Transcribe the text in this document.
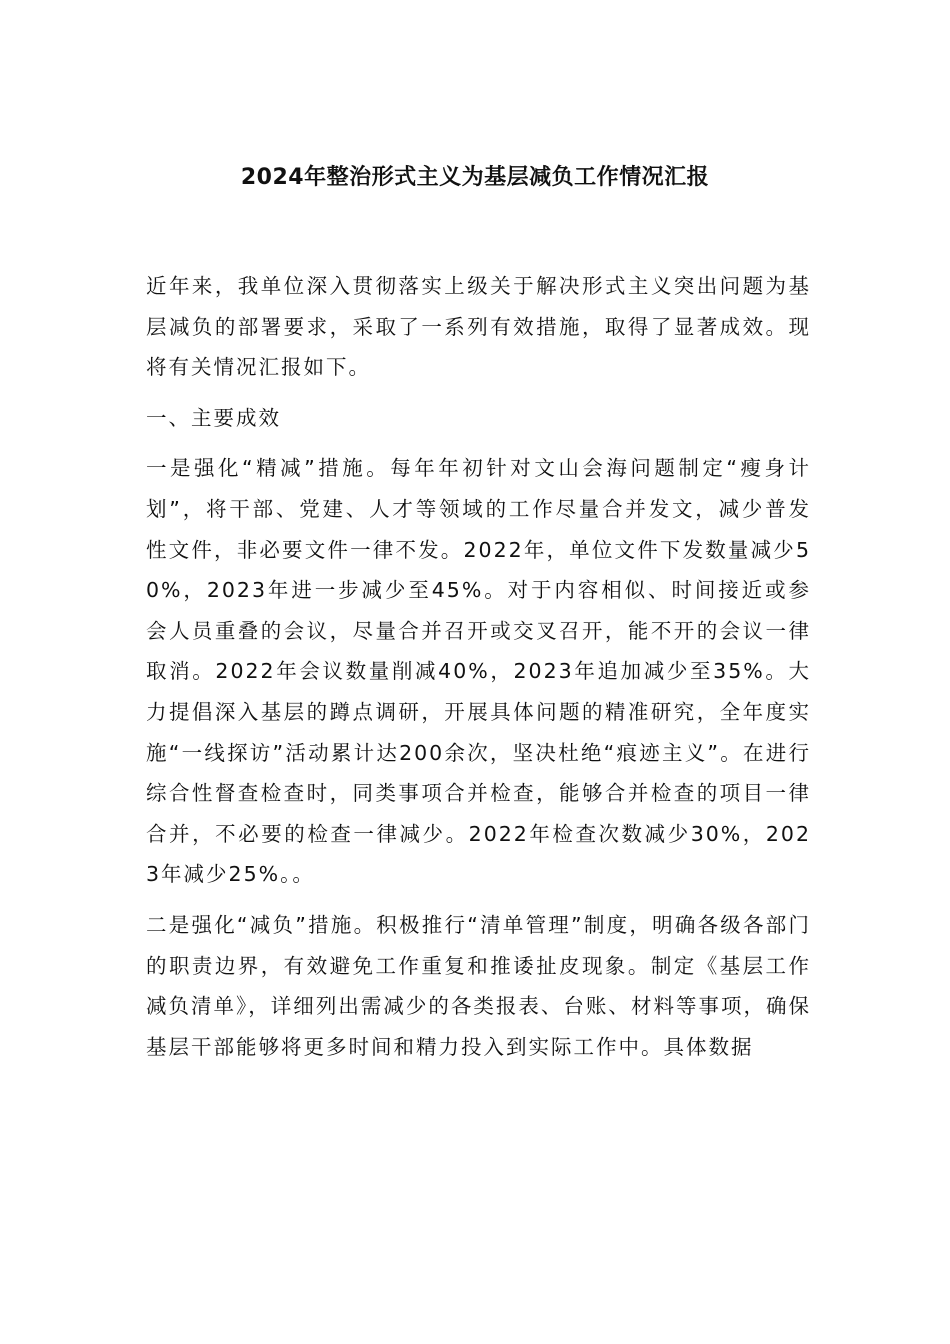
2024年整治形式主义为基层减负工作情况汇报

近年来，我单位深入贯彻落实上级关于解决形式主义突出问题为基层减负的部署要求，采取了一系列有效措施，取得了显著成效。现将有关情况汇报如下。

一、主要成效

一是强化“精减”措施。每年年初针对文山会海问题制定“瘦身计划”，将干部、党建、人才等领域的工作尽量合并发文，减少普发性文件，非必要文件一律不发。2022年，单位文件下发数量减少50%，2023年进一步减少至45%。对于内容相似、时间接近或参会人员重叠的会议，尽量合并召开或交叉召开，能不开的会议一律取消。2022年会议数量削减40%，2023年追加减少至35%。大力提倡深入基层的蹲点调研，开展具体问题的精准研究，全年度实施“一线探访”活动累计达200余次，坚决杜绝“痕迹主义”。在进行综合性督查检查时，同类事项合并检查，能够合并检查的项目一律合并，不必要的检查一律减少。2022年检查次数减少30%，2023年减少25%。。

二是强化“减负”措施。积极推行“清单管理”制度，明确各级各部门的职责边界，有效避免工作重复和推诿扯皮现象。制定《基层工作减负清单》，详细列出需减少的各类报表、台账、材料等事项，确保基层干部能够将更多时间和精力投入到实际工作中。具体数据
